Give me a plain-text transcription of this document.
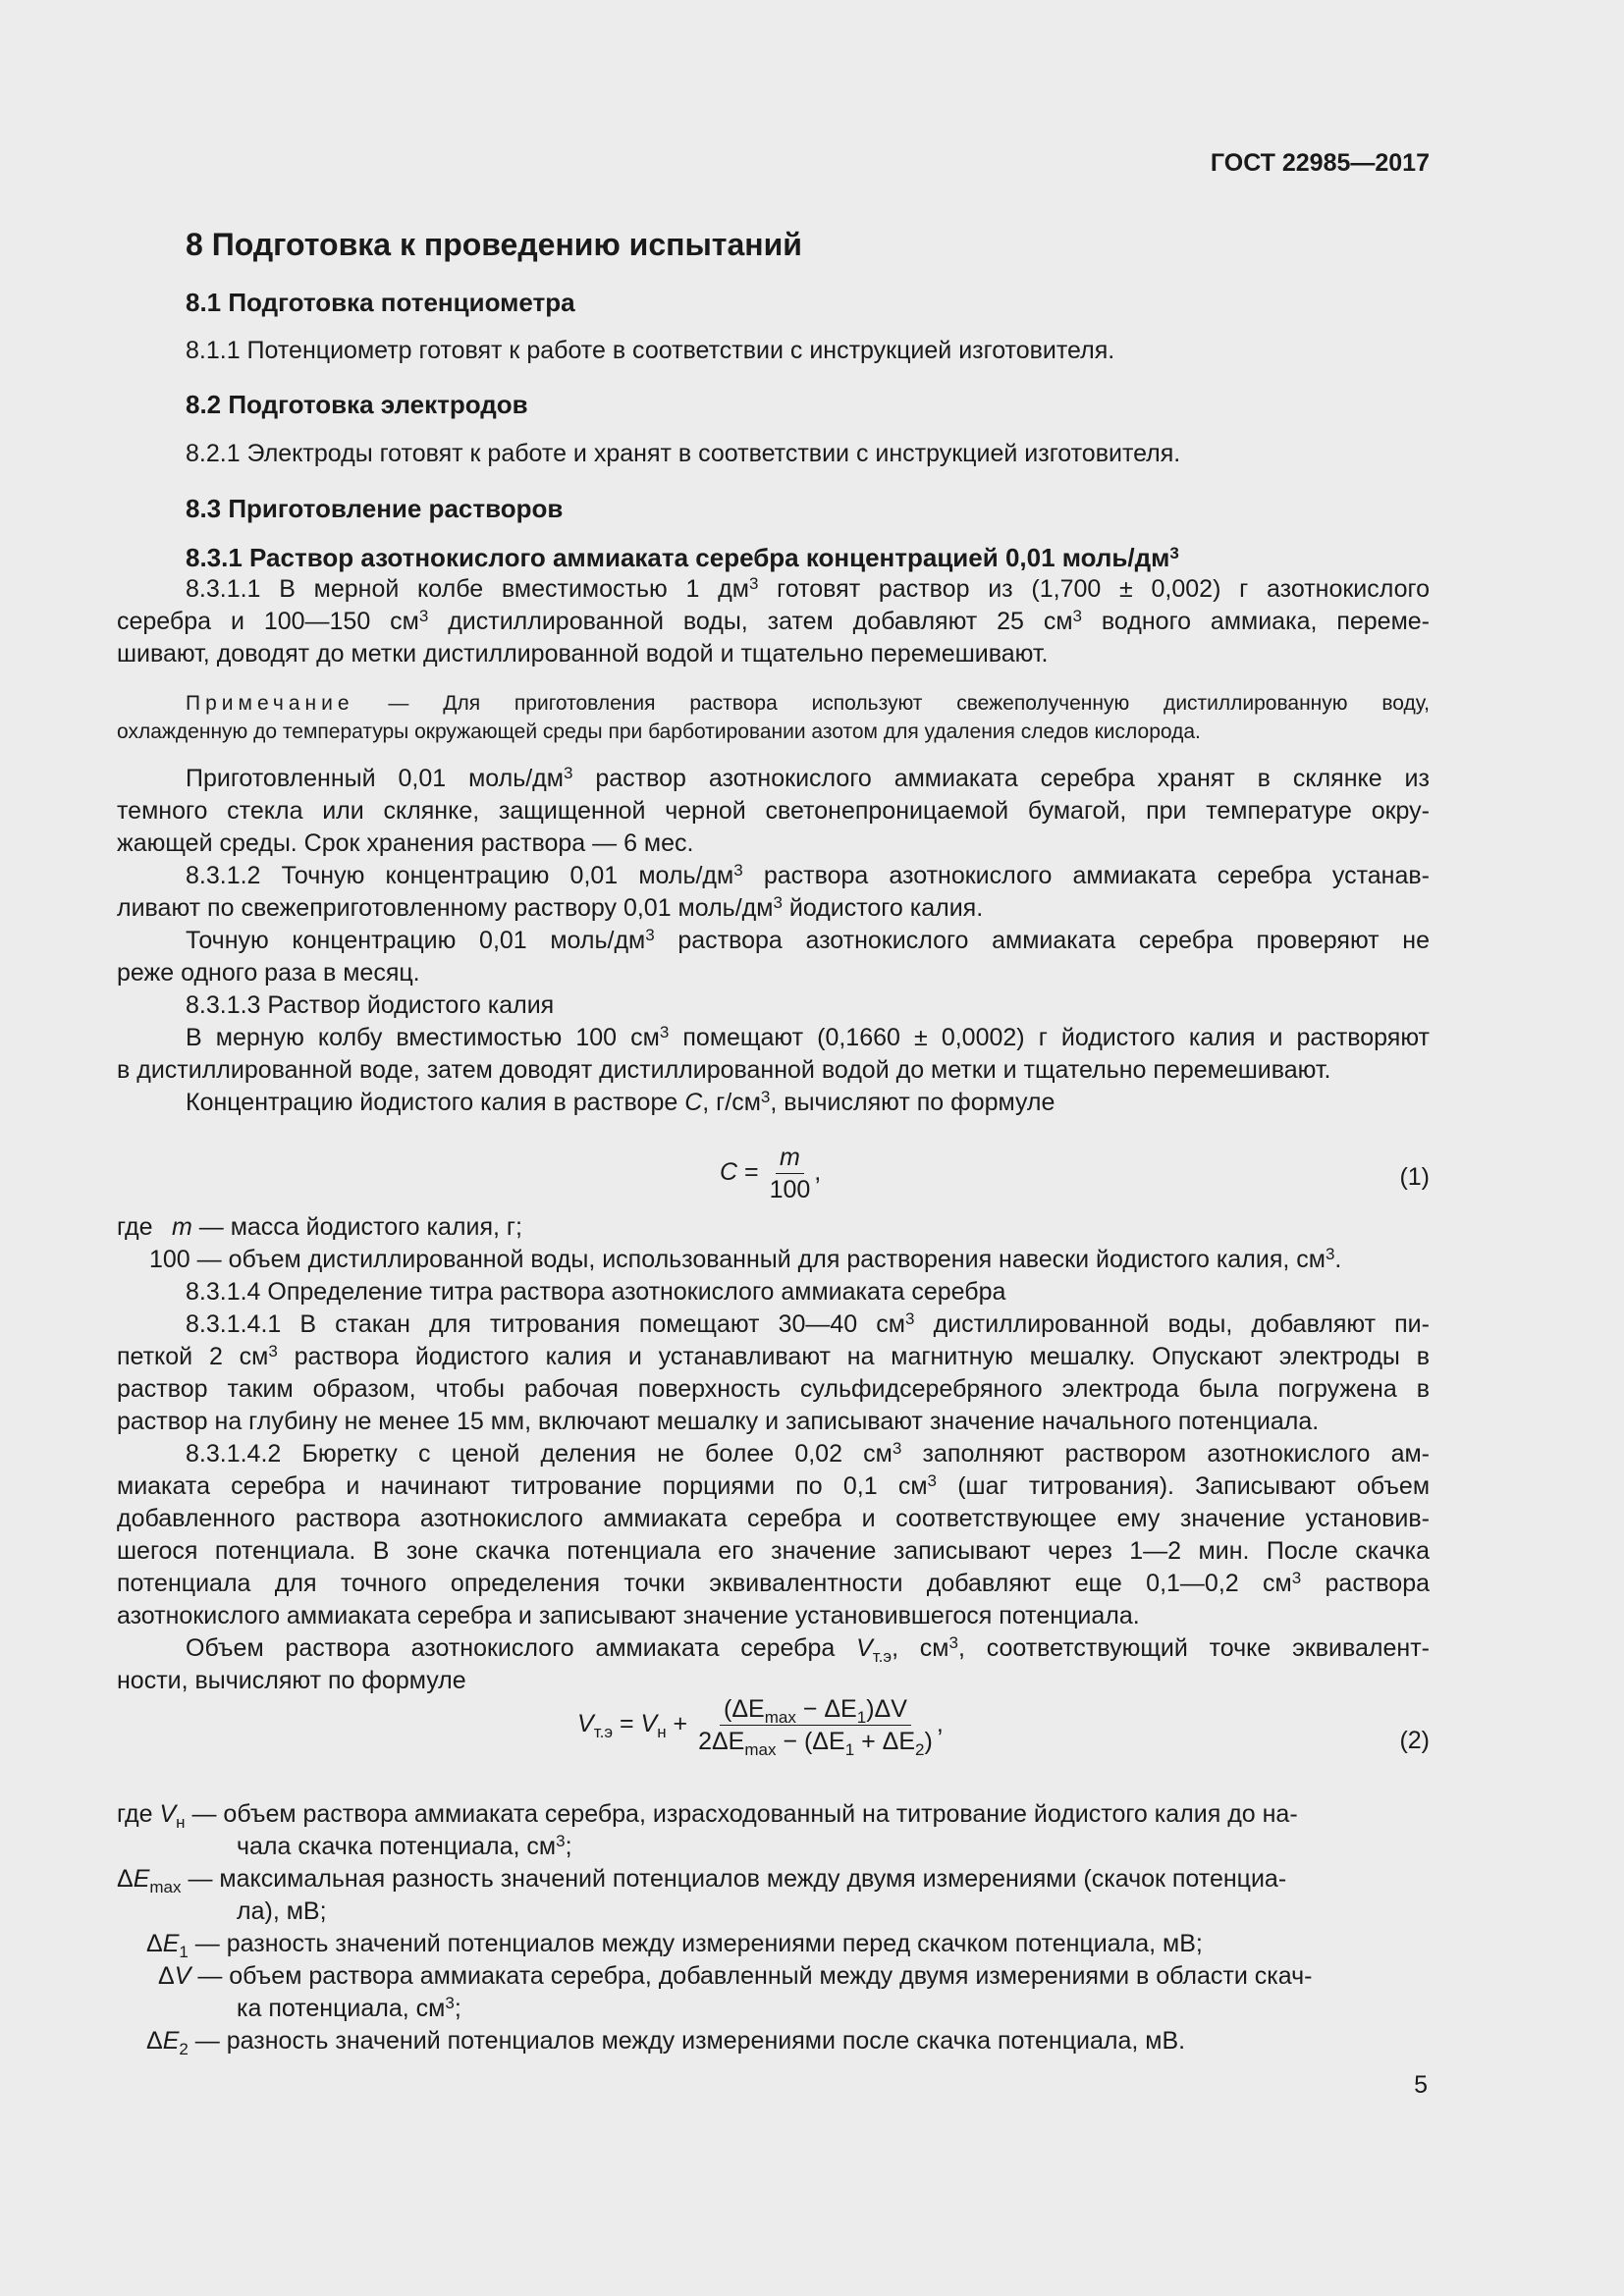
ГОСТ 22985—2017
8 Подготовка к проведению испытаний
8.1 Подготовка потенциометра
8.1.1 Потенциометр готовят к работе в соответствии с инструкцией изготовителя.
8.2 Подготовка электродов
8.2.1 Электроды готовят к работе и хранят в соответствии с инструкцией изготовителя.
8.3 Приготовление растворов
8.3.1 Раствор азотнокислого аммиаката серебра концентрацией 0,01 моль/$дм^3$
8.3.1.1 В мерной колбе вместимостью 1 $дм^3$ готовят раствор из (1,700 ± 0,002) г азотнокислого
серебра и 100—150 $см^3$ дистиллированной воды, затем добавляют 25 $см^3$ водного аммиака, переме-
шивают, доводят до метки дистиллированной водой и тщательно перемешивают.
Примечание — Для приготовления раствора используют свежеполученную дистиллированную воду,
охлажденную до температуры окружающей среды при барботировании азотом для удаления следов кислорода.
Приготовленный 0,01 моль/$дм^3$ раствор азотнокислого аммиаката серебра хранят в склянке из
темного стекла или склянке, защищенной черной светонепроницаемой бумагой, при температуре окру-
жающей среды. Срок хранения раствора — 6 мес.
8.3.1.2 Точную концентрацию 0,01 моль/$дм^3$ раствора азотнокислого аммиаката серебра устанав-
ливают по свежеприготовленному раствору 0,01 моль/$дм^3$ йодистого калия.
Точную концентрацию 0,01 моль/$дм^3$ раствора азотнокислого аммиаката серебра проверяют не
реже одного раза в месяц.
8.3.1.3 Раствор йодистого калия
В мерную колбу вместимостью 100 $см^3$ помещают (0,1660 ± 0,0002) г йодистого калия и растворяют
в дистиллированной воде, затем доводят дистиллированной водой до метки и тщательно перемешивают.
Концентрацию йодистого калия в растворе С, $г/см^3$, вычисляют по формуле
$C = \frac{m}{100}$ ,	(1)
где m — масса йодистого калия, г;
100 — объем дистиллированной воды, использованный для растворения навески йодистого калия, $см^3$.
8.3.1.4 Определение титра раствора азотнокислого аммиаката серебра
8.3.1.4.1 В стакан для титрования помещают 30—40 $см^3$ дистиллированной воды, добавляют пи-
петкой 2 $см^3$ раствора йодистого калия и устанавливают на магнитную мешалку. Опускают электроды в
раствор таким образом, чтобы рабочая поверхность сульфидсеребряного электрода была погружена в
раствор на глубину не менее 15 мм, включают мешалку и записывают значение начального потенциала.
8.3.1.4.2 Бюретку с ценой деления не более 0,02 $см^3$ заполняют раствором азотнокислого ам-
миаката серебра и начинают титрование порциями по 0,1 $см^3$ (шаг титрования). Записывают объем
добавленного раствора азотнокислого аммиаката серебра и соответствующее ему значение установив-
шегося потенциала. В зоне скачка потенциала его значение записывают через 1—2 мин. После скачка
потенциала для точного определения точки эквивалентности добавляют еще 0,1—0,2 $см^3$ раствора
азотнокислого аммиаката серебра и записывают значение установившегося потенциала.
Объем раствора азотнокислого аммиаката серебра $V_{т.э}$, $см^3$, соответствующий точке эквивалент-
ности, вычисляют по формуле
$V_{т.э} = V_н + \frac{(\Delta E_{max} - \Delta E_1)\Delta V}{2\Delta E_{max} - (\Delta E_1 + \Delta E_2)}$ ,
(2)
где $V_н$ — объем раствора аммиаката серебра, израсходованный на титрование йодистого калия до на-
чала скачка потенциала, $см^3$;
$\Delta E_{max}$ — максимальная разность значений потенциалов между двумя измерениями (скачок потенциа-
ла), мВ;
$\Delta E_1$ — разность значений потенциалов между измерениями перед скачком потенциала, мВ;
ΔV — объем раствора аммиаката серебра, добавленный между двумя измерениями в области скач-
ка потенциала, $см^3$;
$\Delta E_2$ — разность значений потенциалов между измерениями после скачка потенциала, мВ.
5
